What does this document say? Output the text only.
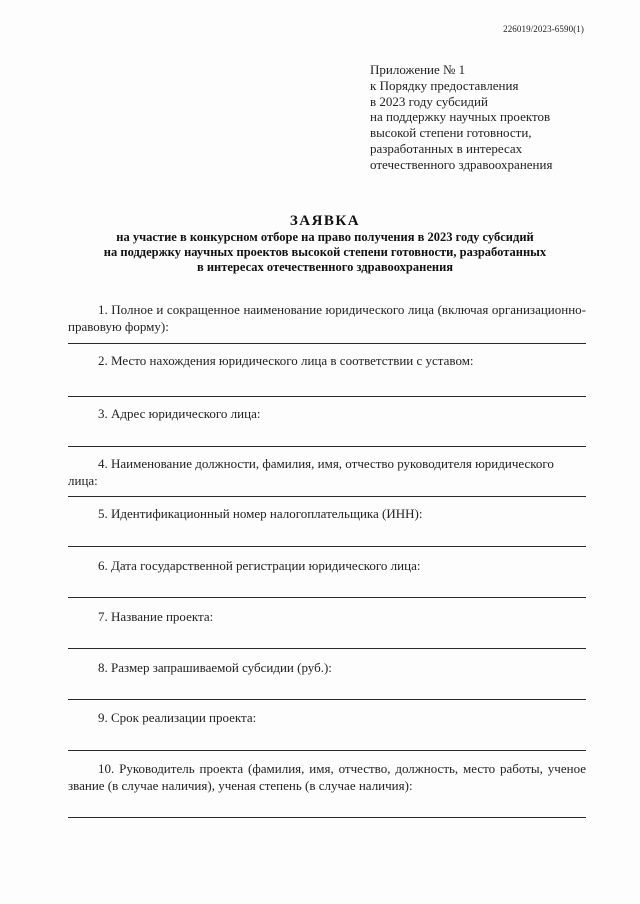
226019/2023-6590(1)
Приложение № 1
к Порядку предоставления
в 2023 году субсидий
на поддержку научных проектов
высокой степени готовности,
разработанных в интересах
отечественного здравоохранения
ЗАЯВКА
на участие в конкурсном отборе на право получения в 2023 году субсидий
на поддержку научных проектов высокой степени готовности, разработанных
в интересах отечественного здравоохранения
1. Полное и сокращенное наименование юридического лица (включая организационно-правовую форму):
2. Место нахождения юридического лица в соответствии с уставом:
3. Адрес юридического лица:
4. Наименование должности, фамилия, имя, отчество руководителя юридического лица:
5. Идентификационный номер налогоплательщика (ИНН):
6. Дата государственной регистрации юридического лица:
7. Название проекта:
8. Размер запрашиваемой субсидии (руб.):
9. Срок реализации проекта:
10. Руководитель проекта (фамилия, имя, отчество, должность, место работы, ученое звание (в случае наличия), ученая степень (в случае наличия):
